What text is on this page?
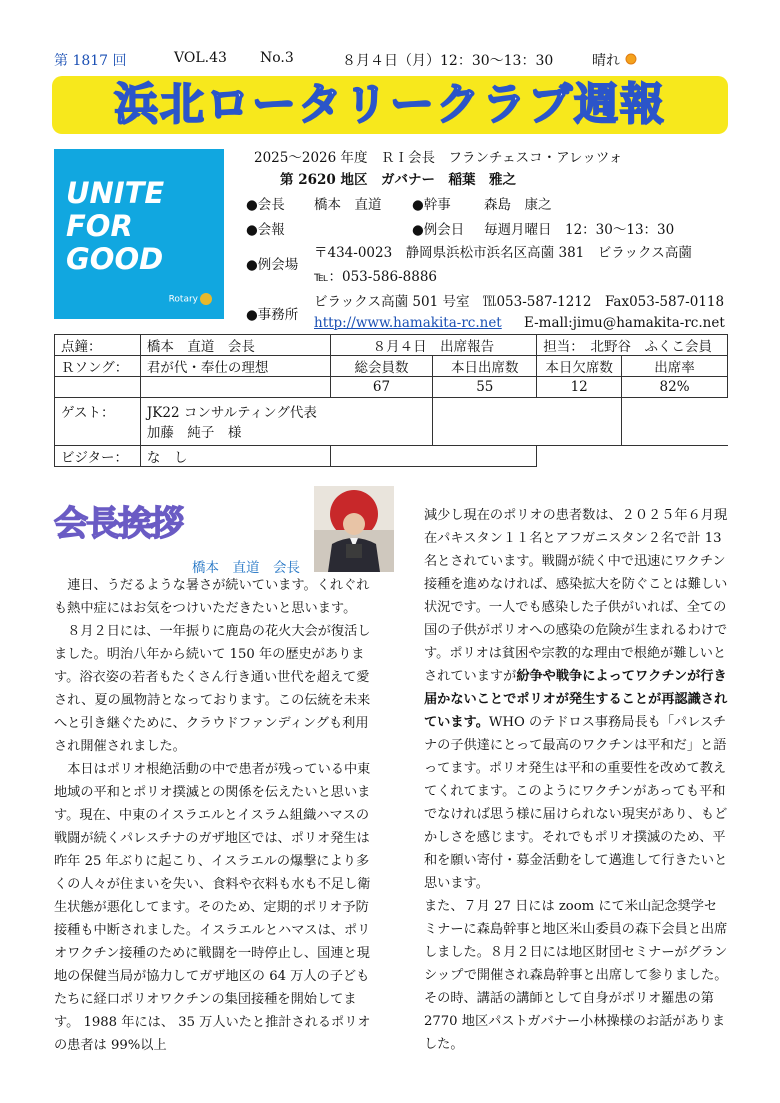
第 1817 回	VOL.43 No.3	８月４日（月）12：30〜13：30	晴れ
浜北ロータリークラブ週報
UNITE
FOR
GOOD
Rotary
2025〜2026 年度　ＲＩ会長　フランチェスコ・アレッツォ
第 2620 地区　ガバナー　稲葉　雅之
●会長 橋本　直道 ●幹事 森島　康之
●会報	●例会日 毎週月曜日　12：30〜13：30
●例会場
〒434-0023　静岡県浜松市浜名区高薗 381　ビラックス高薗
℡：053-586-8886
●事務所
ビラックス高薗 501 号室　℡053-587-1212　Fax053-587-0118
http://www.hamakita-rc.net E-mall:jimu@hamakita-rc.net
点鐘：	橋本　直道　会長	８月４日　出席報告		担当：　 北野谷　ふくこ会員	
Ｒソング：	君が代・奉仕の理想	総会員数	本日出席数	本日欠席数	出席率
		67	55	12	82%
ゲスト：	JK22 コンサルティング代表
加藤　純子　様				

ビジター：	な　し				
会長挨拶
橋本　直道　会長

連日、うだるような暑さが続いています。くれぐれも熱中症にはお気をつけいただきたいと思います。

８月２日には、一年振りに鹿島の花火大会が復活しました。明治八年から続いて 150 年の歴史があります。浴衣姿の若者もたくさん行き通い世代を超えて愛され、夏の風物詩となっております。この伝統を未来へと引き継ぐために、クラウドファンディングも利用され開催されました。

本日はポリオ根絶活動の中で患者が残っている中東地域の平和とポリオ撲滅との関係を伝えたいと思います。現在、中東のイスラエルとイスラム組織ハマスの戦闘が続くパレスチナのガザ地区では、ポリオ発生は昨年 25 年ぶりに起こり、イスラエルの爆撃により多くの人々が住まいを失い、食料や衣料も水も不足し衛生状態が悪化してます。そのため、定期的ポリオ予防接種も中断されました。イスラエルとハマスは、ポリオワクチン接種のために戦闘を一時停止し、国連と現地の保健当局が協力してガザ地区の 64 万人の子どもたちに経口ポリオワクチンの集団接種を開始してます。 1988 年には、 35 万人いたと推計されるポリオの患者は 99%以上

減少し現在のポリオの患者数は、２０２５年６月現在パキスタン１１名とアフガニスタン２名で計 13 名とされています。戦闘が続く中で迅速にワクチン接種を進めなければ、感染拡大を防ぐことは難しい状況です。一人でも感染した子供がいれば、全ての国の子供がポリオへの感染の危険が生まれるわけです。ポリオは貧困や宗教的な理由で根絶が難しいとされていますが紛争や戦争によってワクチンが行き届かないことでポリオが発生することが再認識されています。WHO のテドロス事務局長も「パレスチナの子供達にとって最高のワクチンは平和だ」と語ってます。ポリオ発生は平和の重要性を改めて教えてくれてます。このようにワクチンがあっても平和でなければ思う様に届けられない現実があり、もどかしさを感じます。それでもポリオ撲滅のため、平和を願い寄付・募金活動をして邁進して行きたいと思います。

また、７月 27 日には zoom にて米山記念奨学セミナーに森島幹事と地区米山委員の森下会員と出席しました。８月２日には地区財団セミナーがグランシップで開催され森島幹事と出席して参りました。その時、講話の講師として自身がポリオ羅患の第 2770 地区パストガバナー小林操様のお話がありました。
